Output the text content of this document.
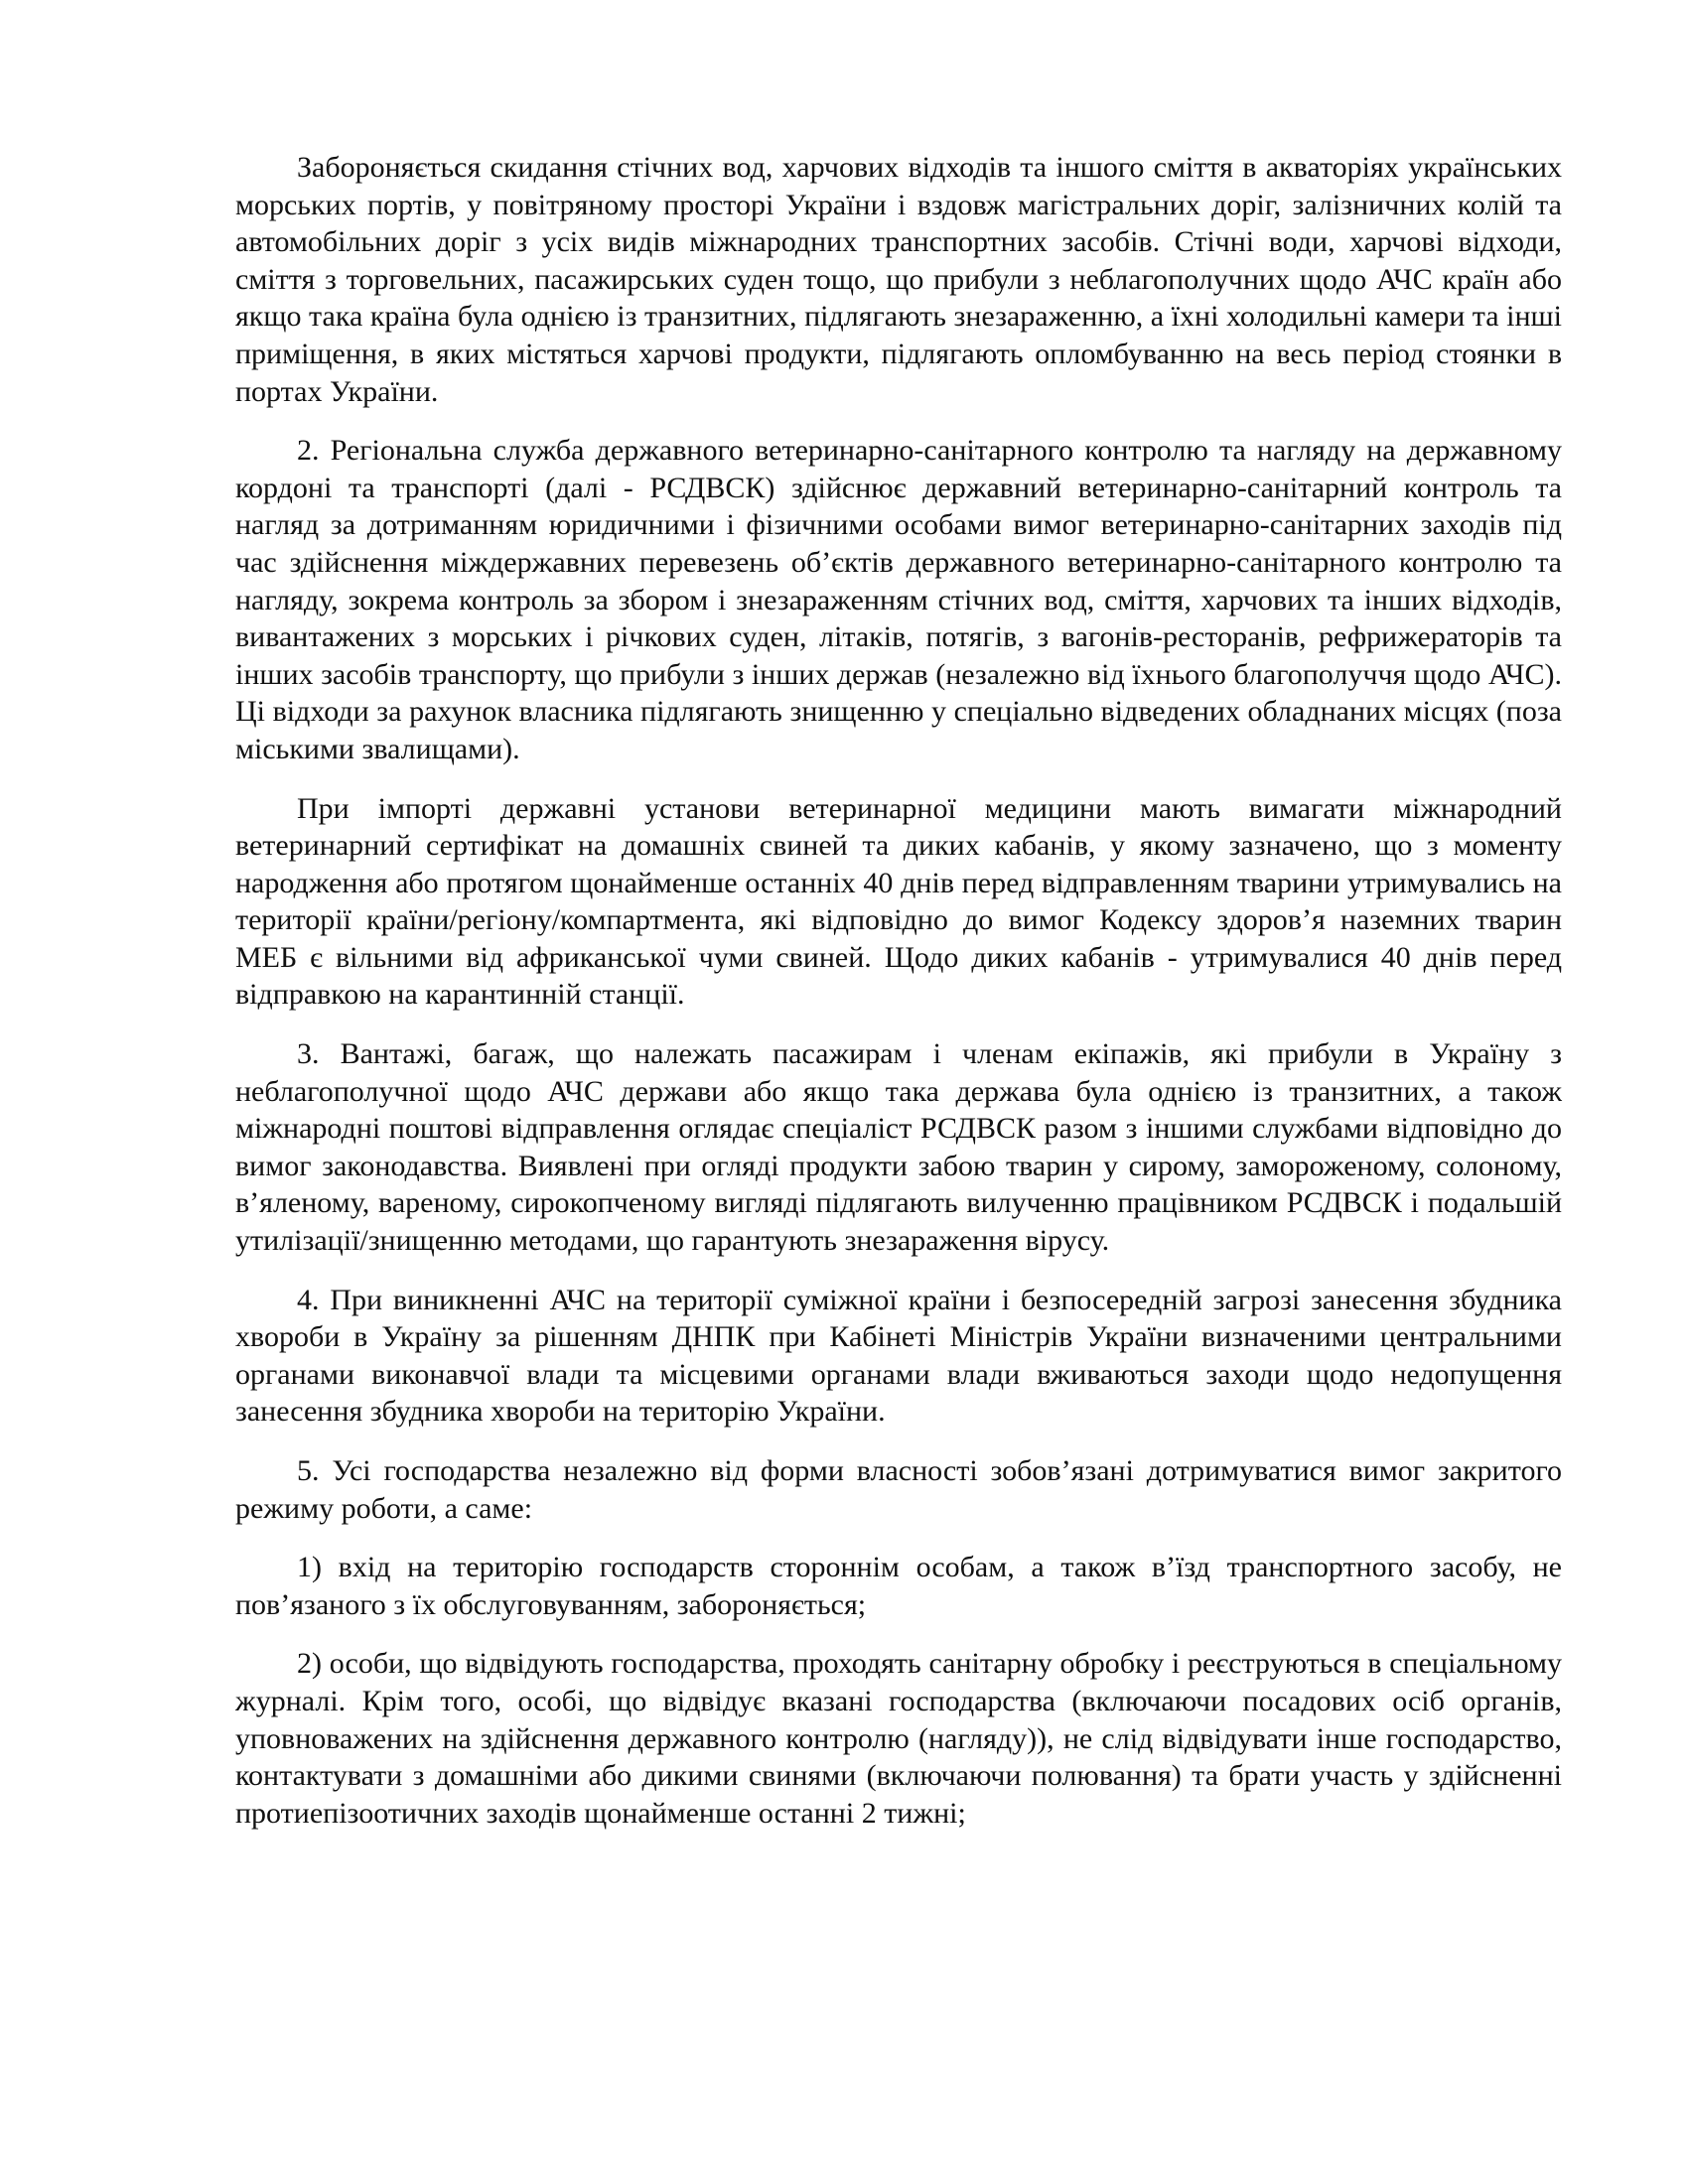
Забороняється скидання стічних вод, харчових відходів та іншого сміття в акваторіях українських морських портів, у повітряному просторі України і вздовж магістральних доріг, залізничних колій та автомобільних доріг з усіх видів міжнародних транспортних засобів. Стічні води, харчові відходи, сміття з торговельних, пасажирських суден тощо, що прибули з неблагополучних щодо АЧС країн або якщо така країна була однією із транзитних, підлягають знезараженню, а їхні холодильні камери та інші приміщення, в яких містяться харчові продукти, підлягають опломбуванню на весь період стоянки в портах України.

2. Регіональна служба державного ветеринарно-санітарного контролю та нагляду на державному кордоні та транспорті (далі - РСДВСК) здійснює державний ветеринарно-санітарний контроль та нагляд за дотриманням юридичними і фізичними особами вимог ветеринарно-санітарних заходів під час здійснення міждержавних перевезень об’єктів державного ветеринарно-санітарного контролю та нагляду, зокрема контроль за збором і знезараженням стічних вод, сміття, харчових та інших відходів, вивантажених з морських і річкових суден, літаків, потягів, з вагонів-ресторанів, рефрижераторів та інших засобів транспорту, що прибули з інших держав (незалежно від їхнього благополуччя щодо АЧС). Ці відходи за рахунок власника підлягають знищенню у спеціально відведених обладнаних місцях (поза міськими звалищами).

При імпорті державні установи ветеринарної медицини мають вимагати міжнародний ветеринарний сертифікат на домашніх свиней та диких кабанів, у якому зазначено, що з моменту народження або протягом щонайменше останніх 40 днів перед відправленням тварини утримувались на території країни/регіону/компартмента, які відповідно до вимог Кодексу здоров’я наземних тварин МЕБ є вільними від африканської чуми свиней. Щодо диких кабанів - утримувалися 40 днів перед відправкою на карантинній станції.

3. Вантажі, багаж, що належать пасажирам і членам екіпажів, які прибули в Україну з неблагополучної щодо АЧС держави або якщо така держава була однією із транзитних, а також міжнародні поштові відправлення оглядає спеціаліст РСДВСК разом з іншими службами відповідно до вимог законодавства. Виявлені при огляді продукти забою тварин у сирому, замороженому, солоному, в’яленому, вареному, сирокопченому вигляді підлягають вилученню працівником РСДВСК і подальшій утилізації/знищенню методами, що гарантують знезараження вірусу.

4. При виникненні АЧС на території суміжної країни і безпосередній загрозі занесення збудника хвороби в Україну за рішенням ДНПК при Кабінеті Міністрів України визначеними центральними органами виконавчої влади та місцевими органами влади вживаються заходи щодо недопущення занесення збудника хвороби на територію України.

5. Усі господарства незалежно від форми власності зобов’язані дотримуватися вимог закритого режиму роботи, а саме:

1) вхід на територію господарств стороннім особам, а також в’їзд транспортного засобу, не пов’язаного з їх обслуговуванням, забороняється;

2) особи, що відвідують господарства, проходять санітарну обробку і реєструються в спеціальному журналі. Крім того, особі, що відвідує вказані господарства (включаючи посадових осіб органів, уповноважених на здійснення державного контролю (нагляду)), не слід відвідувати інше господарство, контактувати з домашніми або дикими свинями (включаючи полювання) та брати участь у здійсненні протиепізоотичних заходів щонайменше останні 2 тижні;
